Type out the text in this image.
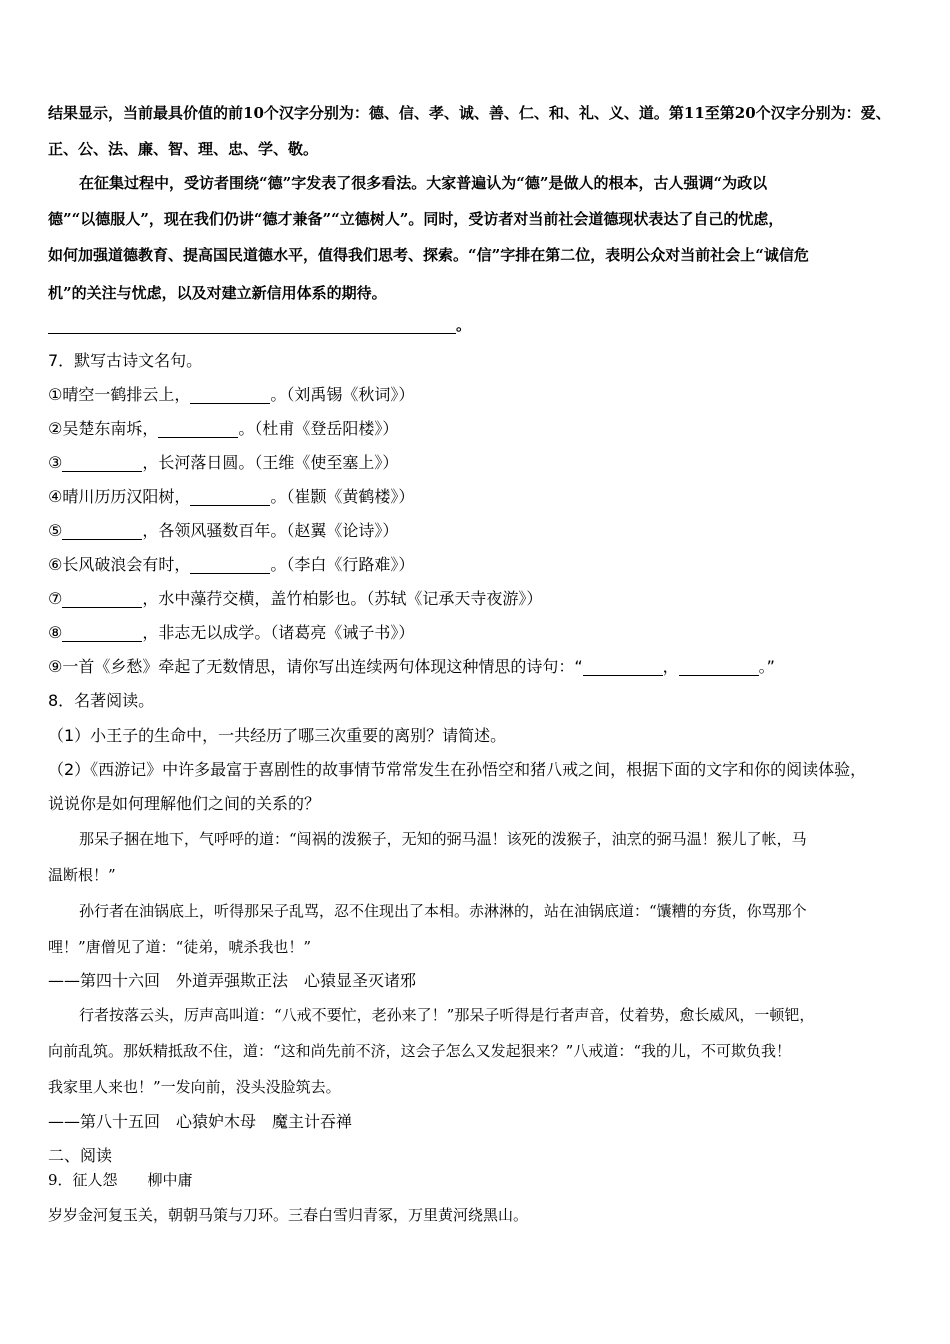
结果显示，当前最具价值的前10个汉字分别为：德、信、孝、诚、善、仁、和、礼、义、道。第11至第20个汉字分别为：爱、
正、公、法、廉、智、理、忠、学、敬。
在征集过程中，受访者围绕“德”字发表了很多看法。大家普遍认为“德”是做人的根本，古人强调“为政以
德”“以德服人”，现在我们仍讲“德才兼备”“立德树人”。同时，受访者对当前社会道德现状表达了自己的忧虑，
如何加强道德教育、提高国民道德水平，值得我们思考、探索。“信”字排在第二位，表明公众对当前社会上“诚信危
机”的关注与忧虑，以及对建立新信用体系的期待。
。
7．默写古诗文名句。
①晴空一鹤排云上，	。（刘禹锡《秋词》）
②吴楚东南坼，	。（杜甫《登岳阳楼》）
③	，长河落日圆。（王维《使至塞上》）
④晴川历历汉阳树，	。（崔颢《黄鹤楼》）
⑤	，各领风骚数百年。（赵翼《论诗》）
⑥长风破浪会有时，	。（李白《行路难》）
⑦	，水中藻荇交横，盖竹柏影也。（苏轼《记承天寺夜游》）
⑧	，非志无以成学。（诸葛亮《诫子书》）
⑨一首《乡愁》牵起了无数情思，请你写出连续两句体现这种情思的诗句：“	，	。”
8．名著阅读。
（1）小王子的生命中，一共经历了哪三次重要的离别？请简述。
（2）《西游记》中许多最富于喜剧性的故事情节常常发生在孙悟空和猪八戒之间，根据下面的文字和你的阅读体验，
说说你是如何理解他们之间的关系的？
那呆子捆在地下，气呼呼的道：“闯祸的泼猴子，无知的弼马温！该死的泼猴子，油烹的弼马温！猴儿了帐，马
温断根！”
孙行者在油锅底上，听得那呆子乱骂，忍不住现出了本相。赤淋淋的，站在油锅底道：“馕糟的夯货，你骂那个
哩！”唐僧见了道：“徒弟，唬杀我也！”
——第四十六回　外道弄强欺正法　心猿显圣灭诸邪
行者按落云头，厉声高叫道：“八戒不要忙，老孙来了！”那呆子听得是行者声音，仗着势，愈长威风，一顿钯，
向前乱筑。那妖精抵敌不住，道：“这和尚先前不济，这会子怎么又发起狠来？”八戒道：“我的儿，不可欺负我！
我家里人来也！”一发向前，没头没脸筑去。
——第八十五回　心猿妒木母　魔主计吞禅
二、阅读
9．征人怨　　柳中庸
岁岁金河复玉关，朝朝马策与刀环。三春白雪归青冢，万里黄河绕黑山。
